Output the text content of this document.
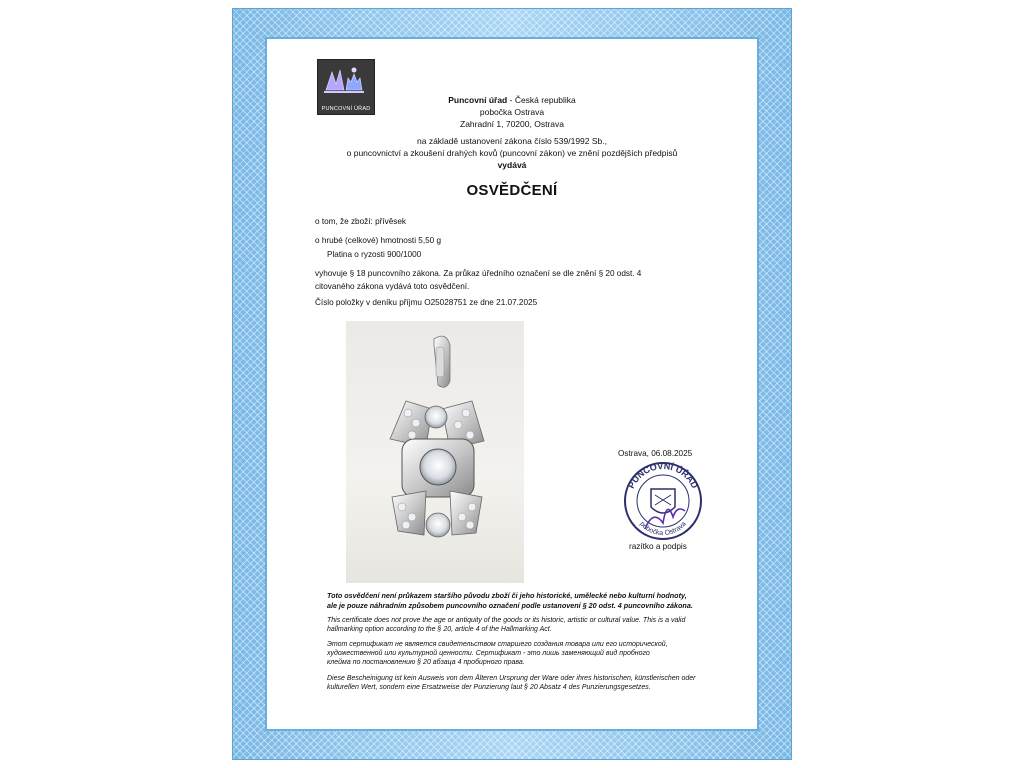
PUNCOVNÍ ÚŘAD
Puncovní úřad - Česká republika
pobočka Ostrava
Zahradní 1, 70200, Ostrava
na základě ustanovení zákona číslo 539/1992 Sb.,
o puncovnictví a zkoušení drahých kovů (puncovní zákon) ve znění pozdějších předpisů
vydává
OSVĚDČENÍ
o tom, že zboží: přívěsek
o hrubé (celkové) hmotnosti 5,50 g
Platina o ryzosti 900/1000
vyhovuje § 18 puncovního zákona. Za průkaz úředního označení se dle znění § 20 odst. 4
citovaného zákona vydává toto osvědčení.
Číslo položky v deníku příjmu O25028751 ze dne 21.07.2025
Ostrava, 06.08.2025
PUNCOVNÍ ÚŘAD
pobočka Ostrava
razítko a podpis
Toto osvědčení není průkazem staršího původu zboží či jeho historické, umělecké nebo kulturní hodnoty,
ale je pouze náhradním způsobem puncovního označení podle ustanovení § 20 odst. 4 puncovního zákona.
This certificate does not prove the age or antiquity of the goods or its historic, artistic or cultural value. This is a valid
hallmarking option according to the § 20, article 4 of the Hallmarking Act.
Этот сертификат не является свидетельством старшего создания товара или его исторической,
художественной или культурной ценности. Сертификат - это лишь заменяющий вид пробного
клейма по постановлению § 20 абзаца 4 пробирного права.
Diese Bescheinigung ist kein Ausweis von dem Älteren Ursprung der Ware oder ihres historischen, künstlerischen oder
kulturellen Wert, sondern eine Ersatzweise der Punzierung laut § 20 Absatz 4 des Punzierungsgesetzes.
